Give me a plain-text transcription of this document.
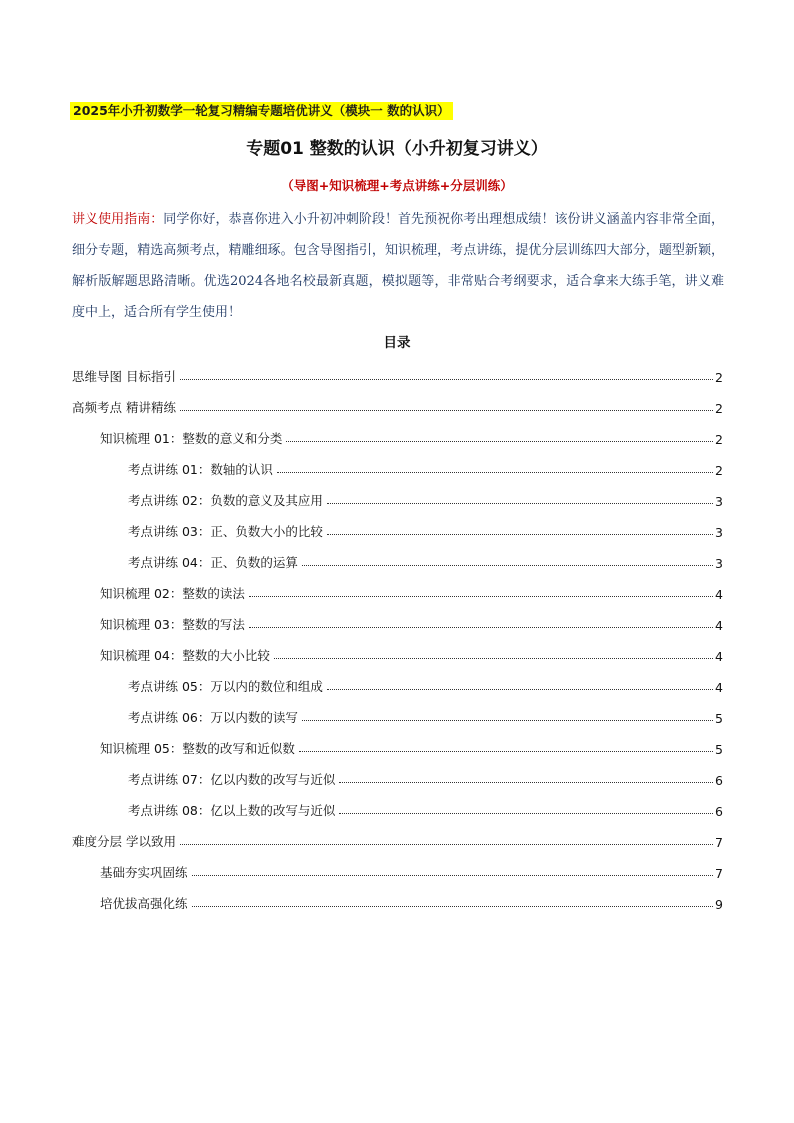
2025年小升初数学一轮复习精编专题培优讲义（模块一 数的认识）
专题01 整数的认识（小升初复习讲义）
（导图+知识梳理+考点讲练+分层训练）
讲义使用指南：同学你好，恭喜你进入小升初冲刺阶段！首先预祝你考出理想成绩！该份讲义涵盖内容非常全面，细分专题，精选高频考点，精雕细琢。包含导图指引，知识梳理，考点讲练，提优分层训练四大部分，题型新颖，解析版解题思路清晰。优选2024各地名校最新真题，模拟题等，非常贴合考纲要求，适合拿来大练手笔，讲义难度中上，适合所有学生使用！
目录
思维导图 目标指引	2
高频考点 精讲精练	2
知识梳理 01：整数的意义和分类	2
考点讲练 01：数轴的认识	2
考点讲练 02：负数的意义及其应用	3
考点讲练 03：正、负数大小的比较	3
考点讲练 04：正、负数的运算	3
知识梳理 02：整数的读法	4
知识梳理 03：整数的写法	4
知识梳理 04：整数的大小比较	4
考点讲练 05：万以内的数位和组成	4
考点讲练 06：万以内数的读写	5
知识梳理 05：整数的改写和近似数	5
考点讲练 07：亿以内数的改写与近似	6
考点讲练 08：亿以上数的改写与近似	6
难度分层 学以致用	7
基础夯实巩固练	7
培优拔高强化练	9
